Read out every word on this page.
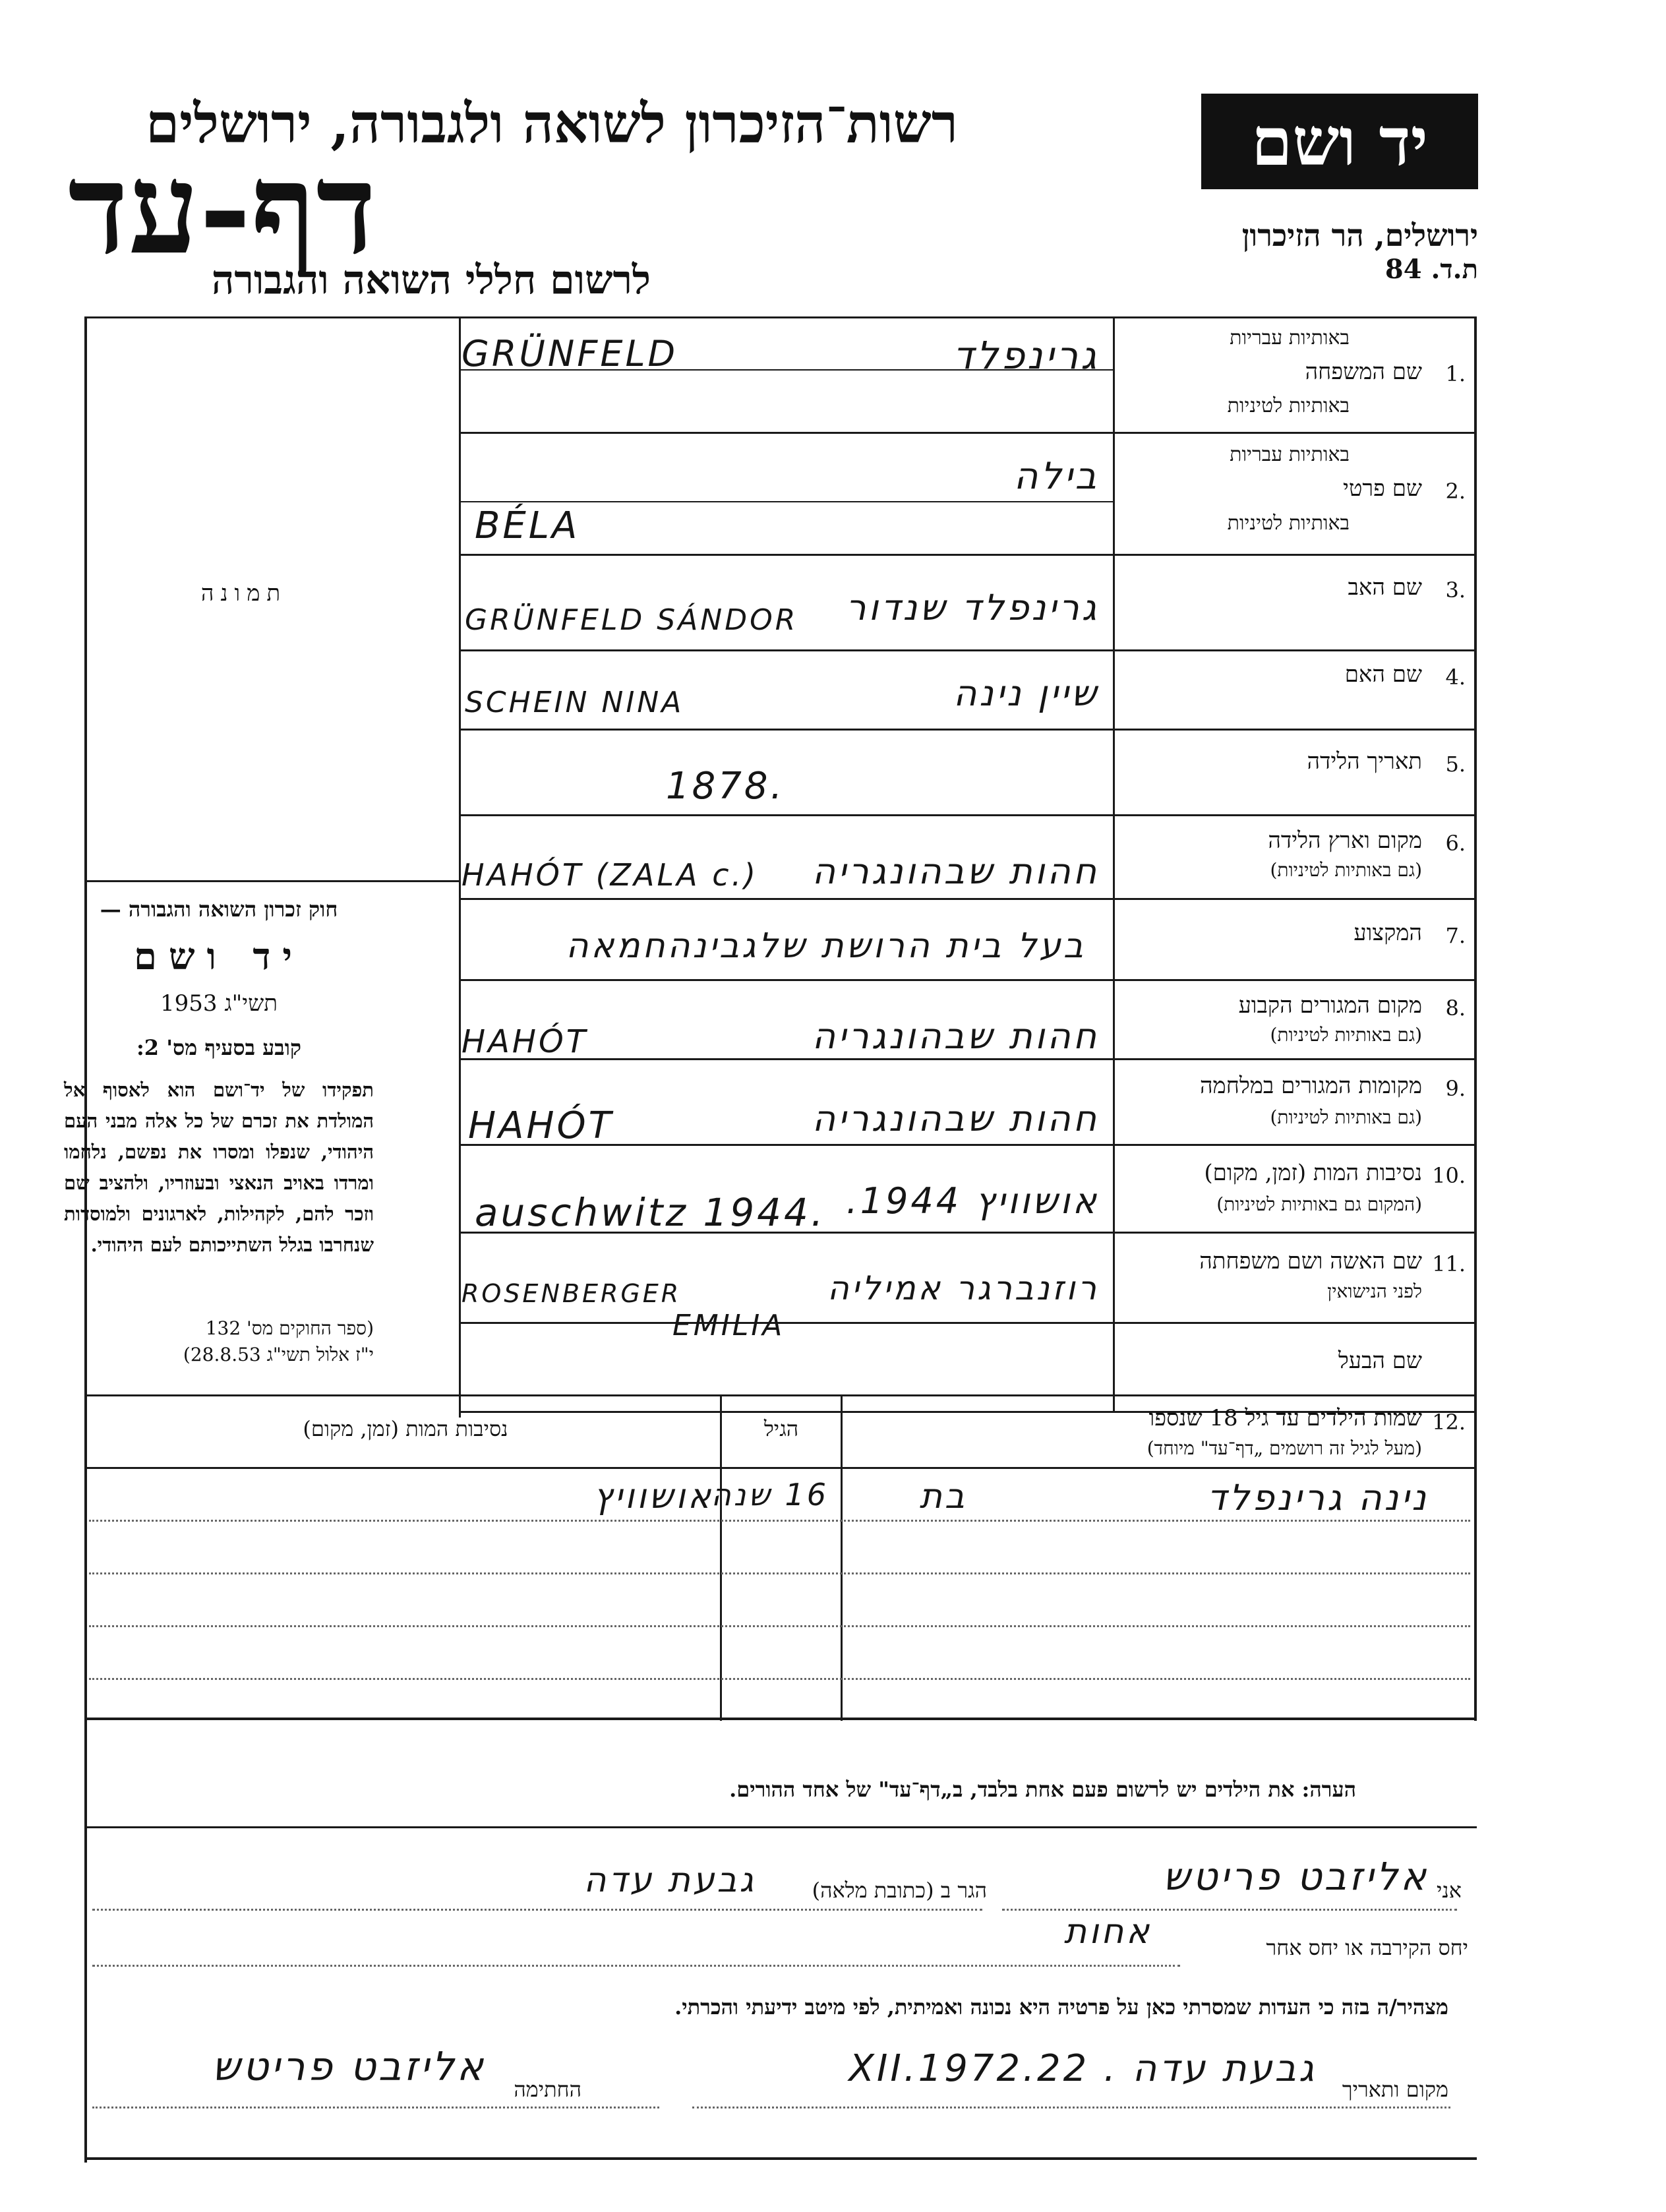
רשות־הזיכרון לשואה ולגבורה, ירושלים
דף-עד
לרשום חללי השואה והגבורה
יד ושם
ירושלים, הר הזיכרון
ת.ד. 84
תמונה
חוק זכרון השואה והגבורה —
יד ושם
תשי"ג 1953
קובע בסעיף מס' 2:
תפקידו של יד־ושם הוא לאסוף אל המולדת את זכרם של כל אלה מבני העם היהודי, שנפלו ומסרו את נפשם, נלחמו ומרדו באויב הנאצי ובעוזריו, ולהציב שם וזכר להם, לקהילות, לארגונים ולמוסדות שנחרבו בגלל השתייכותם לעם היהודי.
(ספר החוקים מס' 132
י"ז אלול תשי"ג 28.8.53)
באותיות עבריות
1.
שם המשפחה
באותיות לטיניות
באותיות עבריות
2.
שם פרטי
באותיות לטיניות
3.
שם האב
4.
שם האם
5.
תאריך הלידה
6.
מקום וארץ הלידה
(גם באותיות לטיניות)
7.
המקצוע
8.
מקום המגורים הקבוע
(גם באותיות לטיניות)
9.
מקומות המגורים במלחמה
(גם באותיות לטיניות)
10.
נסיבות המות (זמן, מקום)
(המקום גם באותיות לטיניות)
11.
שם האשה ושם משפחתה
לפני הנישואין
שם הבעל
גרינפלד
GRÜNFELD
בילה
BÉLA
גרינפלד שנדור
GRÜNFELD SÁNDOR
שיין נינה
SCHEIN NINA
1878.
חהות שבהונגריה
HAHÓT (ZALA c.)
בעל בית הרושת שלגבינהחמאה
חהות שבהונגריה
HAHÓT
חהות שבהונגריה
HAHÓT
אושוויץ 1944.
auschwitz 1944.
רוזנברגר אמיליה
ROSENBERGER
EMILIA
12.
שמות הילדים עד גיל 18 שנספו
(מעל לגיל זה רושמים „דף־עד" מיוחד)
הגיל
נסיבות המות (זמן, מקום)
נינה גרינפלד
בת
16 שנה
אושוויץ
הערה: את הילדים יש לרשום פעם אחת בלבד, ב„דף־עד" של אחד ההורים.
אני
אליזבט פריטש
הגר ב (כתובת מלאה)
גבעת עדה
יחס הקירבה או יחס אחר
אחות
מצהיר/ה בזה כי העדות שמסרתי כאן על פרטיה היא נכונה ואמיתית, לפי מיטב ידיעתי והכרתי.
מקום ותאריך
גבעת עדה . 22.XII.1972
החתימה
אליזבט פריטש
